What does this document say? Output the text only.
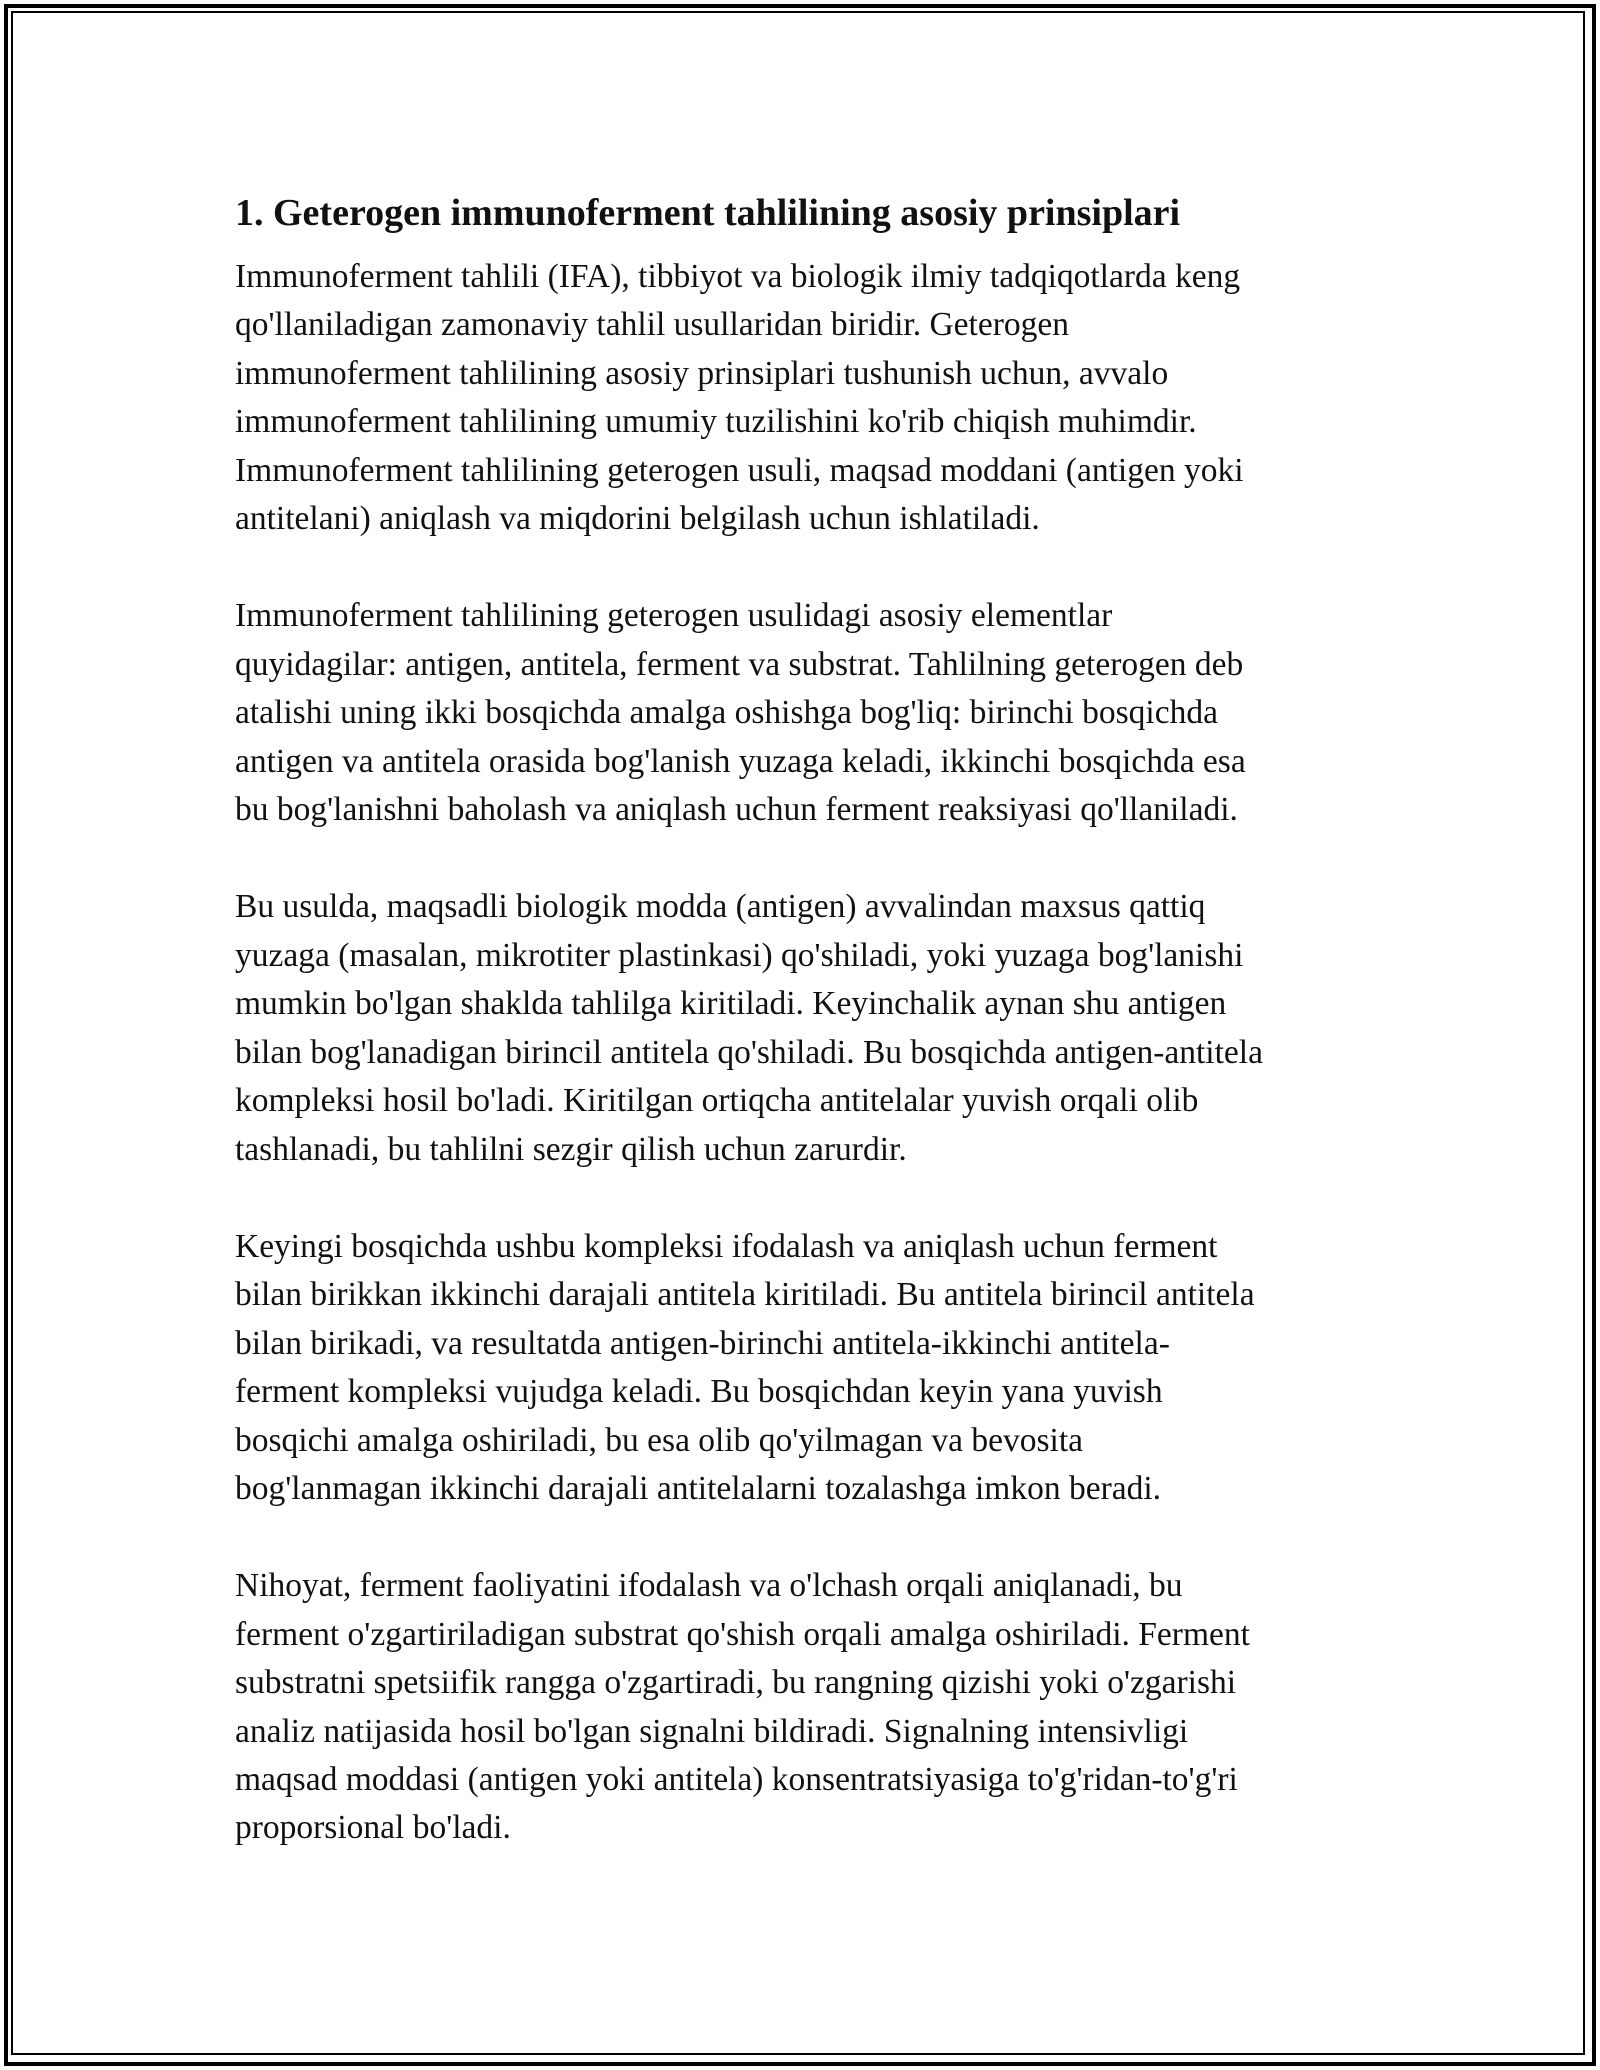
1. Geterogen immunoferment tahlilining asosiy prinsiplari

Immunoferment tahlili (IFA), tibbiyot va biologik ilmiy tadqiqotlarda keng
qo'llaniladigan zamonaviy tahlil usullaridan biridir. Geterogen
immunoferment tahlilining asosiy prinsiplari tushunish uchun, avvalo
immunoferment tahlilining umumiy tuzilishini ko'rib chiqish muhimdir.
Immunoferment tahlilining geterogen usuli, maqsad moddani (antigen yoki
antitelani) aniqlash va miqdorini belgilash uchun ishlatiladi.

Immunoferment tahlilining geterogen usulidagi asosiy elementlar
quyidagilar: antigen, antitela, ferment va substrat. Tahlilning geterogen deb
atalishi uning ikki bosqichda amalga oshishga bog'liq: birinchi bosqichda
antigen va antitela orasida bog'lanish yuzaga keladi, ikkinchi bosqichda esa
bu bog'lanishni baholash va aniqlash uchun ferment reaksiyasi qo'llaniladi.

Bu usulda, maqsadli biologik modda (antigen) avvalindan maxsus qattiq
yuzaga (masalan, mikrotiter plastinkasi) qo'shiladi, yoki yuzaga bog'lanishi
mumkin bo'lgan shaklda tahlilga kiritiladi. Keyinchalik aynan shu antigen
bilan bog'lanadigan birincil antitela qo'shiladi. Bu bosqichda antigen-antitela
kompleksi hosil bo'ladi. Kiritilgan ortiqcha antitelalar yuvish orqali olib
tashlanadi, bu tahlilni sezgir qilish uchun zarurdir.

Keyingi bosqichda ushbu kompleksi ifodalash va aniqlash uchun ferment
bilan birikkan ikkinchi darajali antitela kiritiladi. Bu antitela birincil antitela
bilan birikadi, va resultatda antigen-birinchi antitela-ikkinchi antitela-
ferment kompleksi vujudga keladi. Bu bosqichdan keyin yana yuvish
bosqichi amalga oshiriladi, bu esa olib qo'yilmagan va bevosita
bog'lanmagan ikkinchi darajali antitelalarni tozalashga imkon beradi.

Nihoyat, ferment faoliyatini ifodalash va o'lchash orqali aniqlanadi, bu
ferment o'zgartiriladigan substrat qo'shish orqali amalga oshiriladi. Ferment
substratni spetsiifik rangga o'zgartiradi, bu rangning qizishi yoki o'zgarishi
analiz natijasida hosil bo'lgan signalni bildiradi. Signalning intensivligi
maqsad moddasi (antigen yoki antitela) konsentratsiyasiga to'g'ridan-to'g'ri
proporsional bo'ladi.
